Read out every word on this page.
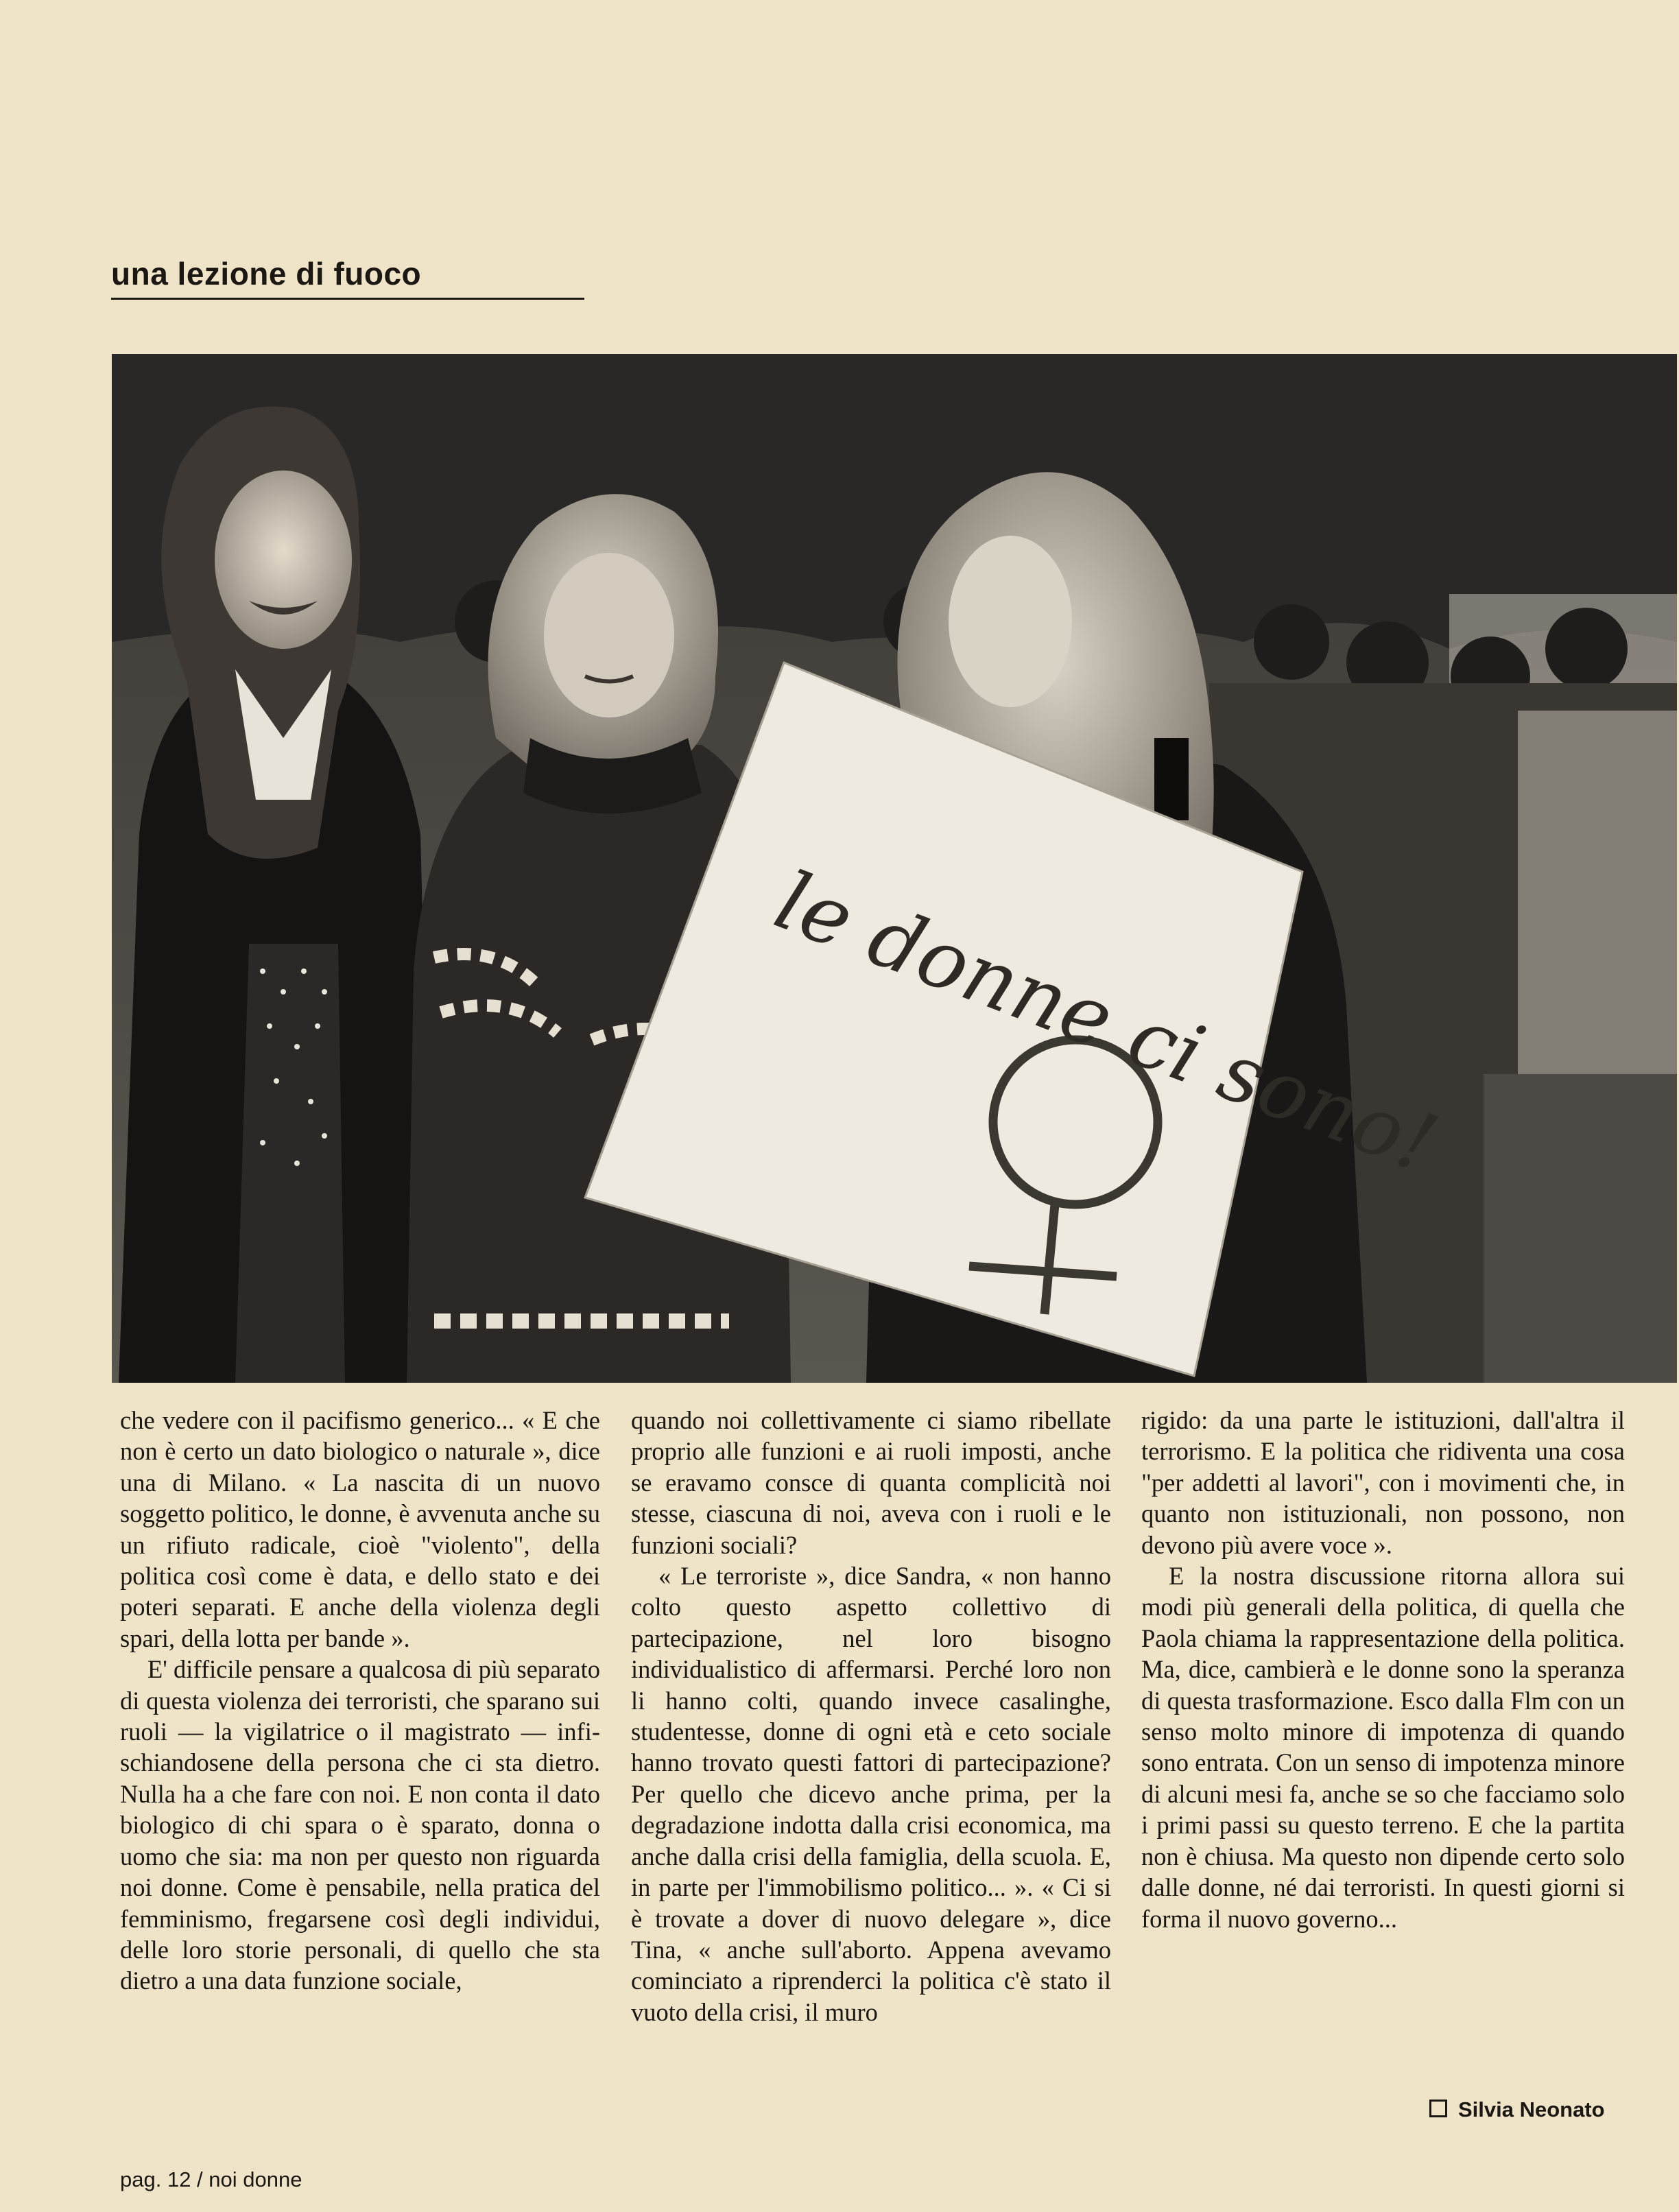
una lezione di fuoco
le donne ci sono!

che vedere con il pacifismo generico... « E che non è certo un dato biologico o naturale », dice una di Milano. « La nascita di un nuovo soggetto politico, le donne, è avvenuta anche su un rifiuto radicale, cioè "violento", della politica così come è data, e dello stato e dei poteri separati. E anche della violenza degli spari, della lotta per bande ».

E' difficile pensare a qualcosa di più separato di questa violenza dei terroristi, che sparano sui ruoli — la vigilatrice o il magistrato — infischiandosene della persona che ci sta dietro. Nulla ha a che fare con noi. E non conta il dato biologico di chi spara o è sparato, donna o uomo che sia: ma non per questo non riguarda noi donne. Come è pensabile, nella pratica del femminismo, fregarsene così degli individui, delle loro storie personali, di quello che sta dietro a una data funzione sociale,

quando noi collettivamente ci siamo ribellate proprio alle funzioni e ai ruoli imposti, anche se eravamo consce di quanta complicità noi stesse, ciascuna di noi, aveva con i ruoli e le funzioni sociali?

« Le terroriste », dice Sandra, « non hanno colto questo aspetto collettivo di partecipazione, nel loro bisogno individualistico di affermarsi. Perché loro non li hanno colti, quando invece casalinghe, studentesse, donne di ogni età e ceto sociale hanno trovato questi fattori di partecipazione? Per quello che dicevo anche prima, per la degradazione indotta dalla crisi economica, ma anche dalla crisi della famiglia, della scuola. E, in parte per l'immobilismo politico... ». « Ci si è trovate a dover di nuovo delegare », dice Tina, « anche sull'aborto. Appena avevamo cominciato a riprenderci la politica c'è stato il vuoto della crisi, il muro

rigido: da una parte le istituzioni, dall'altra il terrorismo. E la politica che ridiventa una cosa "per addetti al lavori", con i movimenti che, in quanto non istituzionali, non possono, non devono più avere voce ».

E la nostra discussione ritorna allora sui modi più generali della politica, di quella che Paola chiama la rappresentazione della politica. Ma, dice, cambierà e le donne sono la speranza di questa trasformazione. Esco dalla Flm con un senso molto minore di impotenza di quando sono entrata. Con un senso di impotenza minore di alcuni mesi fa, anche se so che facciamo solo i primi passi su questo terreno. E che la partita non è chiusa. Ma questo non dipende certo solo dalle donne, né dai terroristi. In questi giorni si forma il nuovo governo...

Silvia Neonato
pag. 12 / noi donne
